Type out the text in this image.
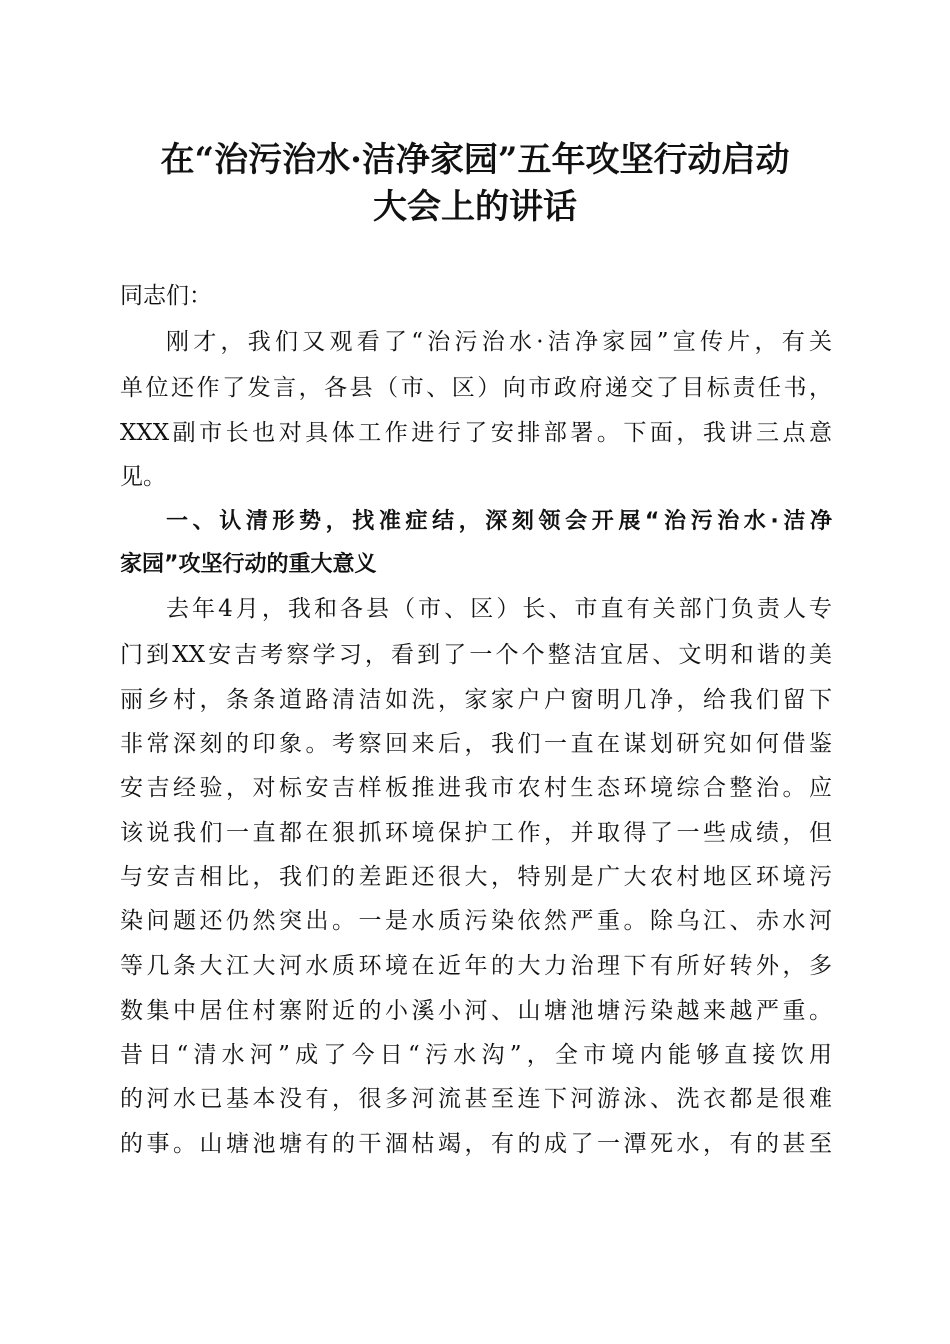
在“治污治水·洁净家园”五年攻坚行动启动
大会上的讲话
同志们：
刚才，我们又观看了“治污治水·洁净家园”宣传片，有关
单位还作了发言，各县（市、区）向市政府递交了目标责任书，
XXX副市长也对具体工作进行了安排部署。下面，我讲三点意
见。
一、认清形势，找准症结，深刻领会开展“治污治水·洁净
家园”攻坚行动的重大意义
去年4月，我和各县（市、区）长、市直有关部门负责人专
门到XX安吉考察学习，看到了一个个整洁宜居、文明和谐的美
丽乡村，条条道路清洁如洗，家家户户窗明几净，给我们留下
非常深刻的印象。考察回来后，我们一直在谋划研究如何借鉴
安吉经验，对标安吉样板推进我市农村生态环境综合整治。应
该说我们一直都在狠抓环境保护工作，并取得了一些成绩，但
与安吉相比，我们的差距还很大，特别是广大农村地区环境污
染问题还仍然突出。一是水质污染依然严重。除乌江、赤水河
等几条大江大河水质环境在近年的大力治理下有所好转外，多
数集中居住村寨附近的小溪小河、山塘池塘污染越来越严重。
昔日“清水河”成了今日“污水沟”，全市境内能够直接饮用
的河水已基本没有，很多河流甚至连下河游泳、洗衣都是很难
的事。山塘池塘有的干涸枯竭，有的成了一潭死水，有的甚至
